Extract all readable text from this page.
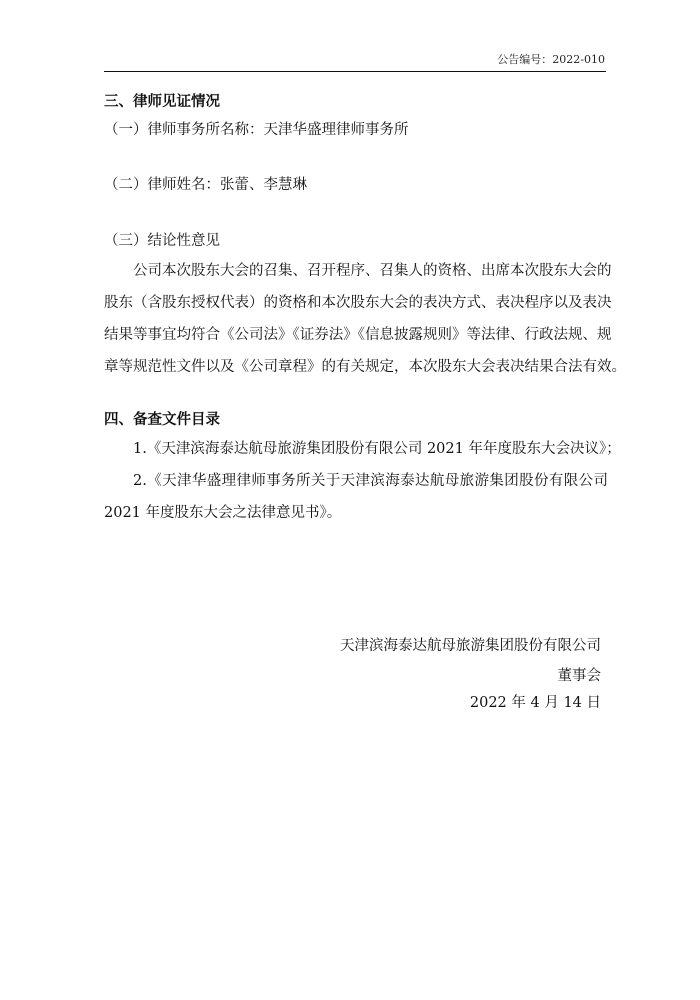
公告编号：2022-010
三、律师见证情况
（一）律师事务所名称：天津华盛理律师事务所
（二）律师姓名：张蕾、李慧琳
（三）结论性意见
公司本次股东大会的召集、召开程序、召集人的资格、出席本次股东大会的
股东（含股东授权代表）的资格和本次股东大会的表决方式、表决程序以及表决
结果等事宜均符合《公司法》《证券法》《信息披露规则》等法律、行政法规、规
章等规范性文件以及《公司章程》的有关规定，本次股东大会表决结果合法有效。
四、备查文件目录
1.《天津滨海泰达航母旅游集团股份有限公司 2021 年年度股东大会决议》；
2.《天津华盛理律师事务所关于天津滨海泰达航母旅游集团股份有限公司
2021 年度股东大会之法律意见书》。
天津滨海泰达航母旅游集团股份有限公司
董事会
2022 年 4 月 14 日
